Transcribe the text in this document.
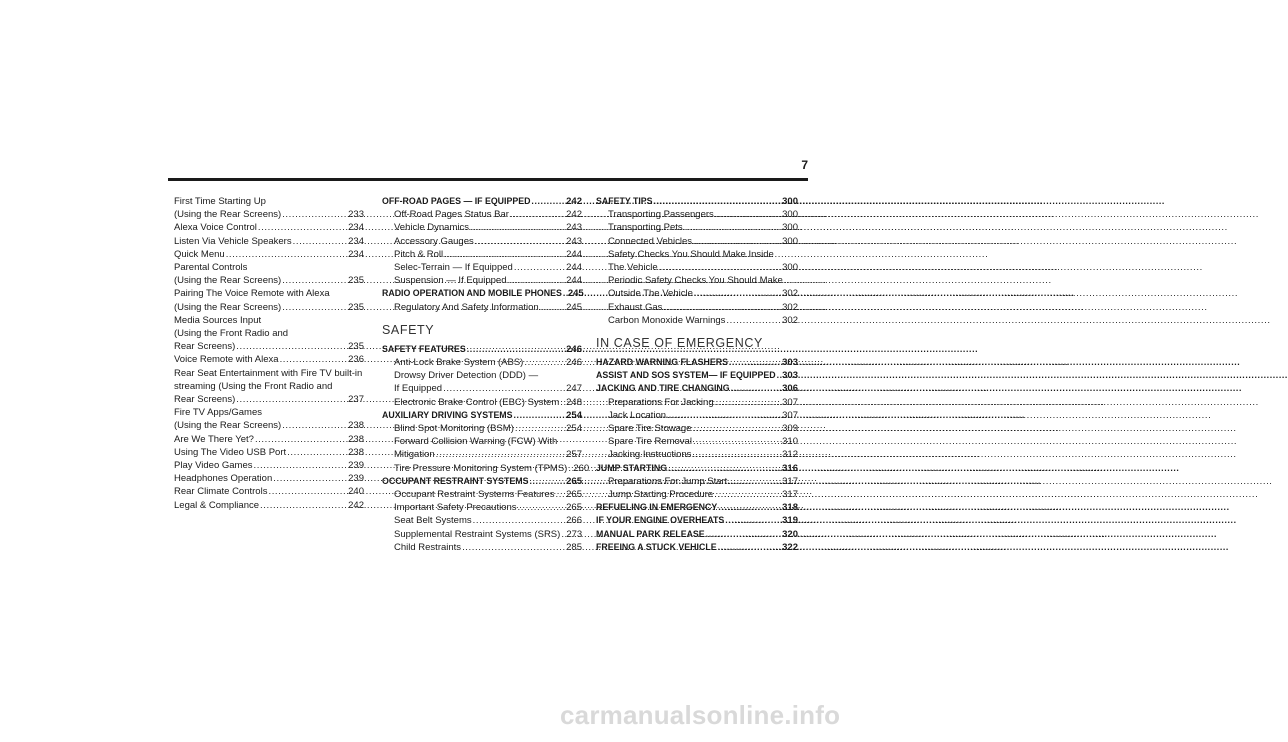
7
First Time Starting Up
(Using the Rear Screens) .....	233
Alexa Voice Control .....	234
Listen Via Vehicle Speakers .....	234
Quick Menu .....	234
Parental Controls
(Using the Rear Screens) .....	235
Pairing The Voice Remote with Alexa
(Using the Rear Screens) .....	235
Media Sources Input
(Using the Front Radio and
Rear Screens) .....	235
Voice Remote with Alexa .....	236
Rear Seat Entertainment with Fire TV built-in
streaming (Using the Front Radio and
Rear Screens) .....	237
Fire TV Apps/Games
(Using the Rear Screens) .....	238
Are We There Yet? .....	238
Using The Video USB Port .....	238
Play Video Games .....	239
Headphones Operation .....	239
Rear Climate Controls .....	240
Legal & Compliance .....	242
OFF-ROAD PAGES — IF EQUIPPED .....	242
Off-Road Pages Status Bar .....	242
Vehicle Dynamics .....	243
Accessory Gauges .....	243
Pitch & Roll .....	244
Selec-Terrain — If Equipped .....	244
Suspension — If Equipped .....	244
RADIO OPERATION AND MOBILE PHONES ..... 245
Regulatory And Safety Information .....	245
SAFETY
SAFETY FEATURES .....	246
Anti-Lock Brake System (ABS) .....	246
Drowsy Driver Detection (DDD) —
If Equipped .....	247
Electronic Brake Control (EBC) System ..... 248
AUXILIARY DRIVING SYSTEMS .....	254
Blind Spot Monitoring (BSM) .....	254
Forward Collision Warning (FCW) With
Mitigation .....	257
Tire Pressure Monitoring System (TPMS) ..... 260
OCCUPANT RESTRAINT SYSTEMS .....	265
Occupant Restraint Systems Features ..... 265
Important Safety Precautions .....	265
Seat Belt Systems .....	266
Supplemental Restraint Systems (SRS) ..... 273
Child Restraints .....	285
SAFETY TIPS .....	300
Transporting Passengers .....	300
Transporting Pets .....	300
Connected Vehicles .....	300
Safety Checks You Should Make Inside
The Vehicle .....	300
Periodic Safety Checks You Should Make
Outside The Vehicle .....	302
Exhaust Gas .....	302
Carbon Monoxide Warnings .....	302
IN CASE OF EMERGENCY
HAZARD WARNING FLASHERS .....	303
ASSIST AND SOS SYSTEM— IF EQUIPPED ..... 303
JACKING AND TIRE CHANGING .....	306
Preparations For Jacking .....	307
Jack Location .....	307
Spare Tire Stowage .....	309
Spare Tire Removal .....	310
Jacking Instructions .....	312
JUMP STARTING .....	316
Preparations For Jump Start .....	317
Jump Starting Procedure .....	317
REFUELING IN EMERGENCY .....	318
IF YOUR ENGINE OVERHEATS .....	319
MANUAL PARK RELEASE .....	320
FREEING A STUCK VEHICLE .....	322
carmanualsonline.info
